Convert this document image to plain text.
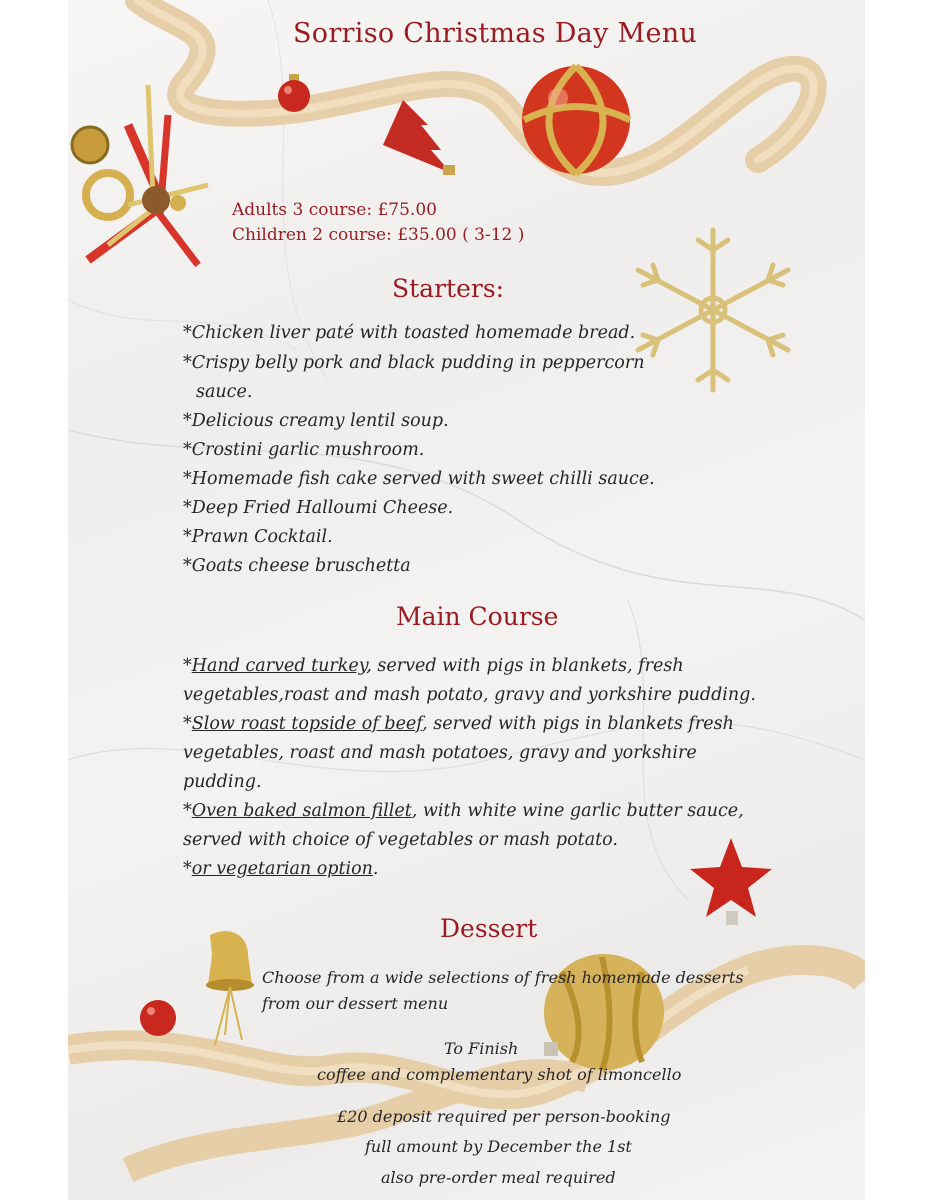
Sorriso Christmas Day Menu
Adults 3 course: £75.00
Children 2 course: £35.00 ( 3-12 )
Starters:
*Chicken liver paté with toasted homemade bread.
*Crispy belly pork and black pudding in peppercorn
sauce.
*Delicious creamy lentil soup.
*Crostini garlic mushroom.
*Homemade fish cake served with sweet chilli sauce.
*Deep Fried Halloumi Cheese.
*Prawn Cocktail.
*Goats cheese bruschetta
Main Course
*Hand carved turkey, served with pigs in blankets, fresh
vegetables,roast and mash potato, gravy and yorkshire pudding.
*Slow roast topside of beef, served with pigs in blankets fresh
vegetables, roast and mash potatoes, gravy and yorkshire
pudding.
*Oven baked salmon fillet, with white wine garlic butter sauce,
served with choice of vegetables or mash potato.
*or vegetarian option.
Dessert
Choose from a wide selections of fresh homemade desserts
from our dessert menu
To Finish
coffee and complementary shot of limoncello
£20 deposit required per person-booking
full amount by December the 1st
also pre-order meal required
